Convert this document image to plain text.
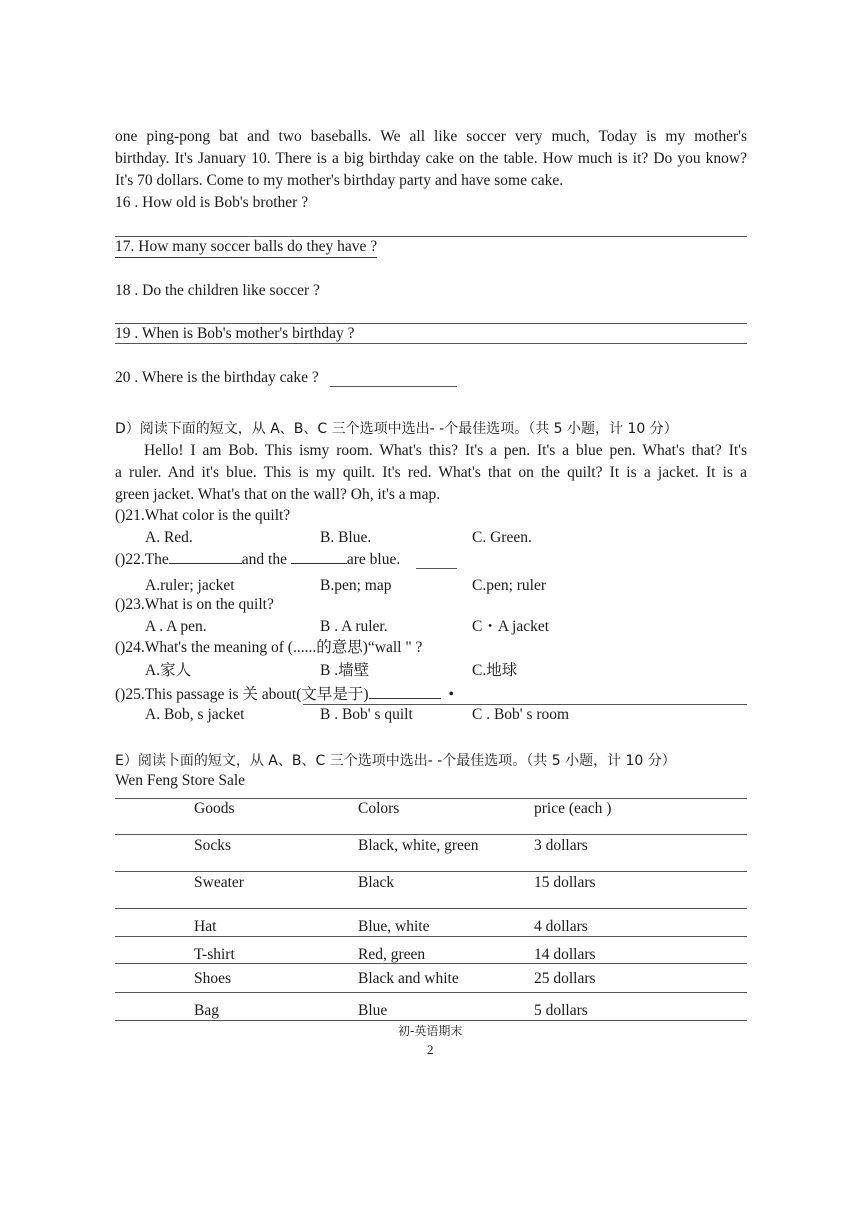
one ping-pong bat and two baseballs. We all like soccer very much, Today is my mother's
birthday. It's January 10. There is a big birthday cake on the table. How much is it? Do you know?
It's 70 dollars. Come to my mother's birthday party and have some cake.
16 . How old is Bob's brother ?
17. How many soccer balls do they have ?
18 . Do the children like soccer ?
19 . When is Bob's mother's birthday ?
20 . Where is the birthday cake ?
D）阅读下面的短文，从 A、B、C 三个选项中选出- -个最佳选项。（共 5 小题，计 10 分）
Hello! I am Bob. This ismy room. What's this? It's a pen. It's a blue pen. What's that? It's
a ruler. And it's blue. This is my quilt. It's red. What's that on the quilt? It is a jacket. It is a
green jacket. What's that on the wall? Oh, it's a map.
()21.What color is the quilt?
A. Red.	B. Blue.	C. Green.
()22.The	and the	are blue.
A.ruler; jacket	B.pen; map	C.pen; ruler
()23.What is on the quilt?
A . A pen.	B . A ruler.	C・A jacket
()24.What's the meaning of (......的意思)“wall " ?
A.家人	B .墙壁	C.地球
()25.This passage is 关 about(文早是于)	•
A. Bob, s jacket	B . Bob' s quilt	C . Bob' s room
E）阅读卜面的短文，从 A、B、C 三个选项中选出- -个最佳选项。（共 5 小题，计 10 分）
Wen Feng Store Sale
Goods	Colors	price (each )
Socks	Black, white, green	3 dollars
Sweater	Black	15 dollars
Hat	Blue, white	4 dollars
T-shirt	Red, green	14 dollars
Shoes	Black and white	25 dollars
Bag	Blue	5 dollars
初-英语期末
2
